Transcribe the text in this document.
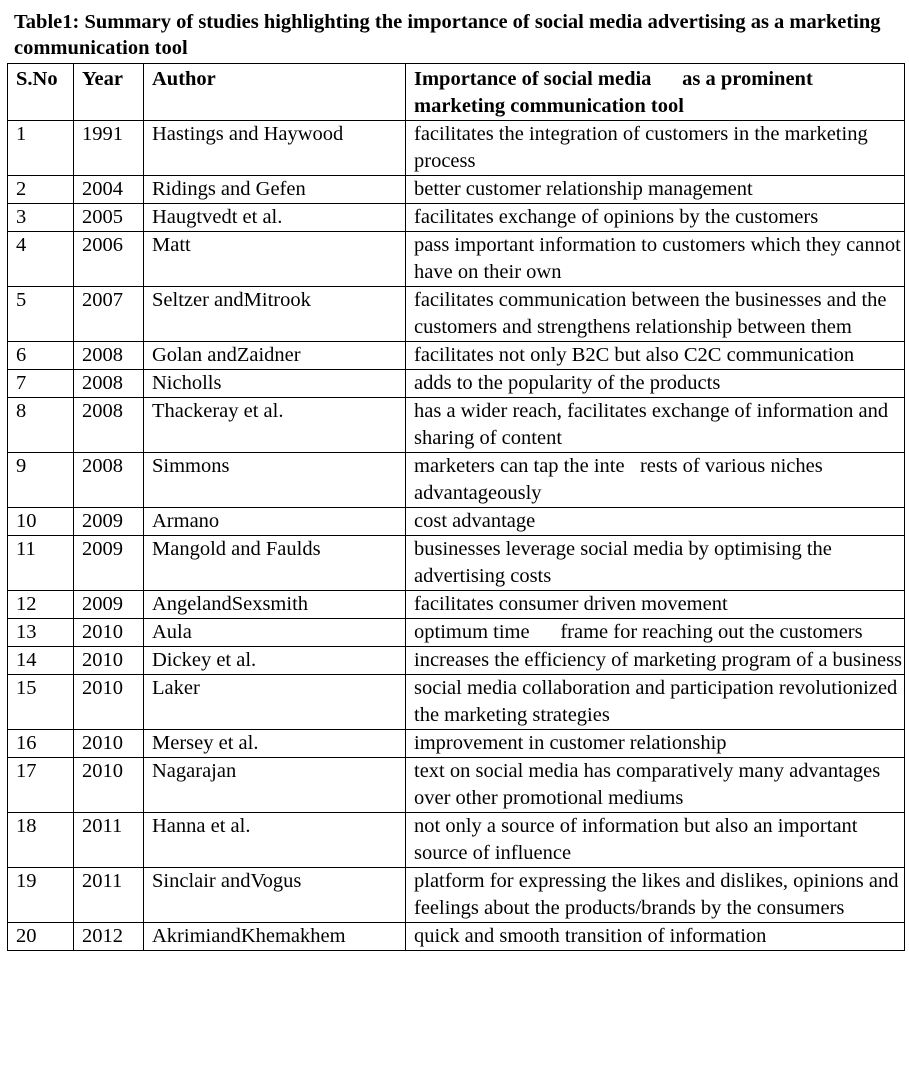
Table1: Summary of studies highlighting the importance of social media advertising as a marketing communication tool
S.No	Year	Author	Importance of social media      as a prominent marketing communication tool
1	1991	Hastings and Haywood	facilitates the integration of customers in the marketing process
2	2004	Ridings and Gefen	better customer relationship management
3	2005	Haugtvedt et al.	facilitates exchange of opinions by the customers
4	2006	Matt	pass important information to customers which they cannot have on their own
5	2007	Seltzer andMitrook	facilitates communication between the businesses and the customers and strengthens relationship between them
6	2008	Golan andZaidner	facilitates not only B2C but also C2C communication
7	2008	Nicholls	adds to the popularity of the products
8	2008	Thackeray et al.	has a wider reach, facilitates exchange of information and sharing of content
9	2008	Simmons	marketers can tap the inte   rests of various niches advantageously
10	2009	Armano	cost advantage
11	2009	Mangold and Faulds	businesses leverage social media by optimising the advertising costs
12	2009	AngelandSexsmith	facilitates consumer driven movement
13	2010	Aula	optimum time      frame for reaching out the customers
14	2010	Dickey et al.	increases the efficiency of marketing program of a business
15	2010	Laker	social media collaboration and participation revolutionized the marketing strategies
16	2010	Mersey et al.	improvement in customer relationship
17	2010	Nagarajan	text on social media has comparatively many advantages over other promotional mediums
18	2011	Hanna et al.	not only a source of information but also an important source of influence
19	2011	Sinclair andVogus	platform for expressing the likes and dislikes, opinions and feelings about the products/brands by the consumers
20	2012	AkrimiandKhemakhem	quick and smooth transition of information
